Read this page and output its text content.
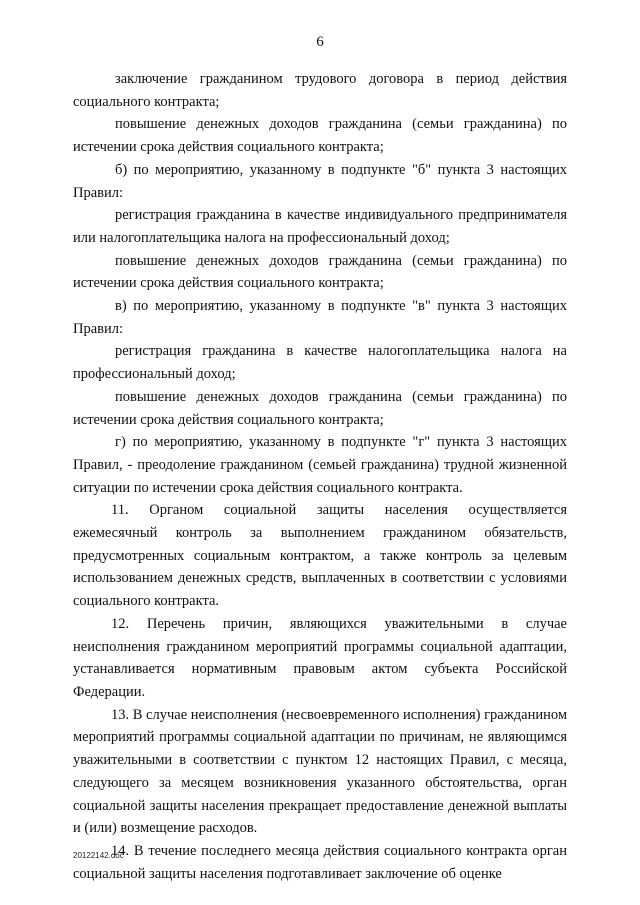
6

заключение гражданином трудового договора в период действия социального контракта;

повышение денежных доходов гражданина (семьи гражданина) по истечении срока действия социального контракта;

б) по мероприятию, указанному в подпункте "б" пункта 3 настоящих Правил:

регистрация гражданина в качестве индивидуального предпринимателя или налогоплательщика налога на профессиональный доход;

повышение денежных доходов гражданина (семьи гражданина) по истечении срока действия социального контракта;

в) по мероприятию, указанному в подпункте "в" пункта 3 настоящих Правил:

регистрация гражданина в качестве налогоплательщика налога на профессиональный доход;

повышение денежных доходов гражданина (семьи гражданина) по истечении срока действия социального контракта;

г) по мероприятию, указанному в подпункте "г" пункта 3 настоящих Правил, - преодоление гражданином (семьей гражданина) трудной жизненной ситуации по истечении срока действия социального контракта.

11. Органом социальной защиты населения осуществляется ежемесячный контроль за выполнением гражданином обязательств, предусмотренных социальным контрактом, а также контроль за целевым использованием денежных средств, выплаченных в соответствии с условиями социального контракта.

12. Перечень причин, являющихся уважительными в случае неисполнения гражданином мероприятий программы социальной адаптации, устанавливается нормативным правовым актом субъекта Российской Федерации.

13. В случае неисполнения (несвоевременного исполнения) гражданином мероприятий программы социальной адаптации по причинам, не являющимся уважительными в соответствии с пунктом 12 настоящих Правил, с месяца, следующего за месяцем возникновения указанного обстоятельства, орган социальной защиты населения прекращает предоставление денежной выплаты и (или) возмещение расходов.

14. В течение последнего месяца действия социального контракта орган социальной защиты населения подготавливает заключение об оценке

20122142.doc
